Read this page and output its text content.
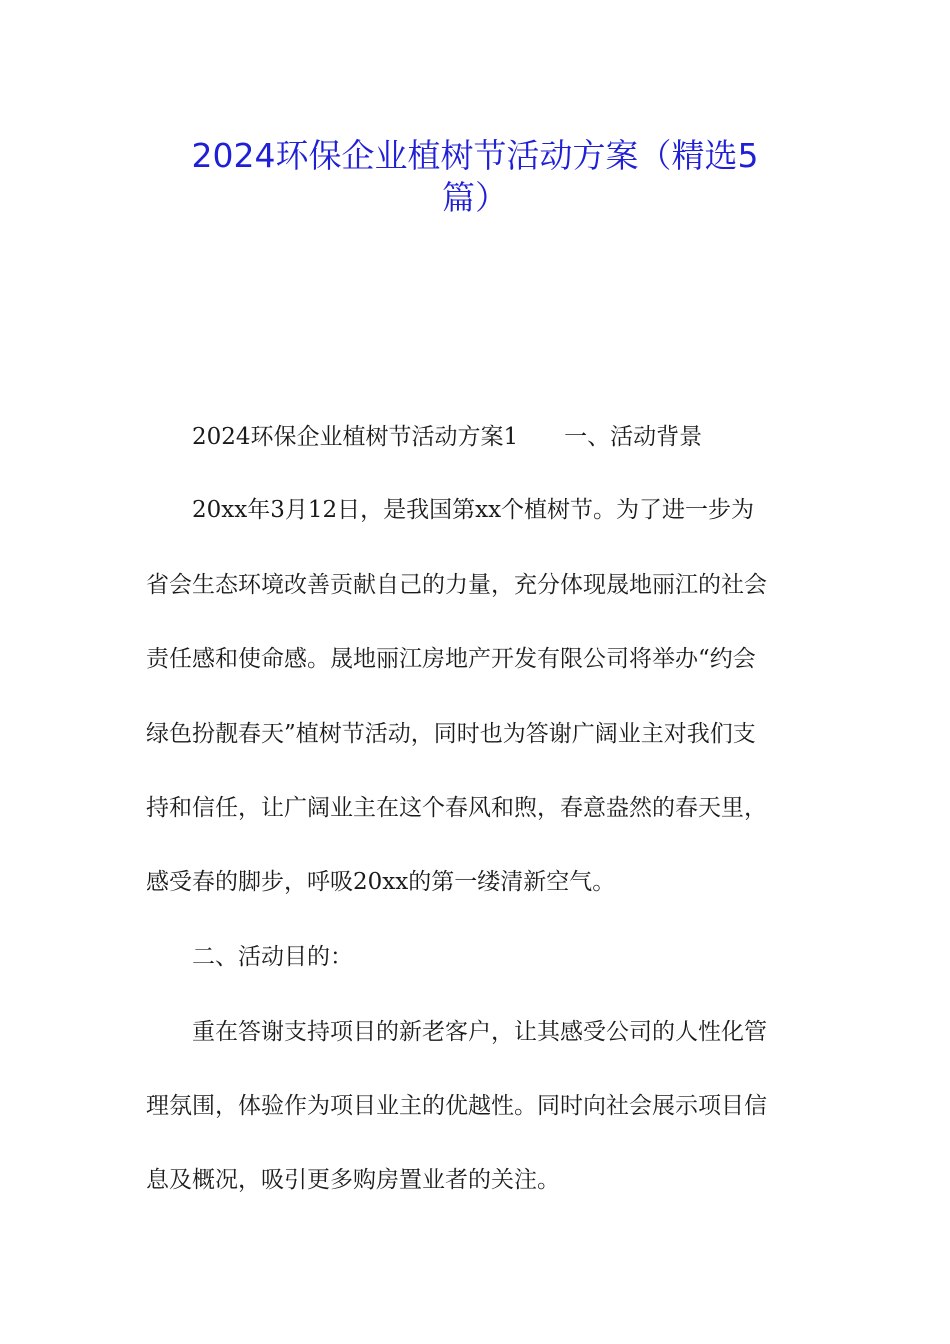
2024环保企业植树节活动方案（精选5
篇）
2024环保企业植树节活动方案1 一、活动背景
20xx年3月12日，是我国第xx个植树节。为了进一步为
省会生态环境改善贡献自己的力量，充分体现晟地丽江的社会
责任感和使命感。晟地丽江房地产开发有限公司将举办“约会
绿色扮靓春天”植树节活动，同时也为答谢广阔业主对我们支
持和信任，让广阔业主在这个春风和煦，春意盎然的春天里，
感受春的脚步，呼吸20xx的第一缕清新空气。
二、活动目的：
重在答谢支持项目的新老客户，让其感受公司的人性化管
理氛围，体验作为项目业主的优越性。同时向社会展示项目信
息及概况，吸引更多购房置业者的关注。
